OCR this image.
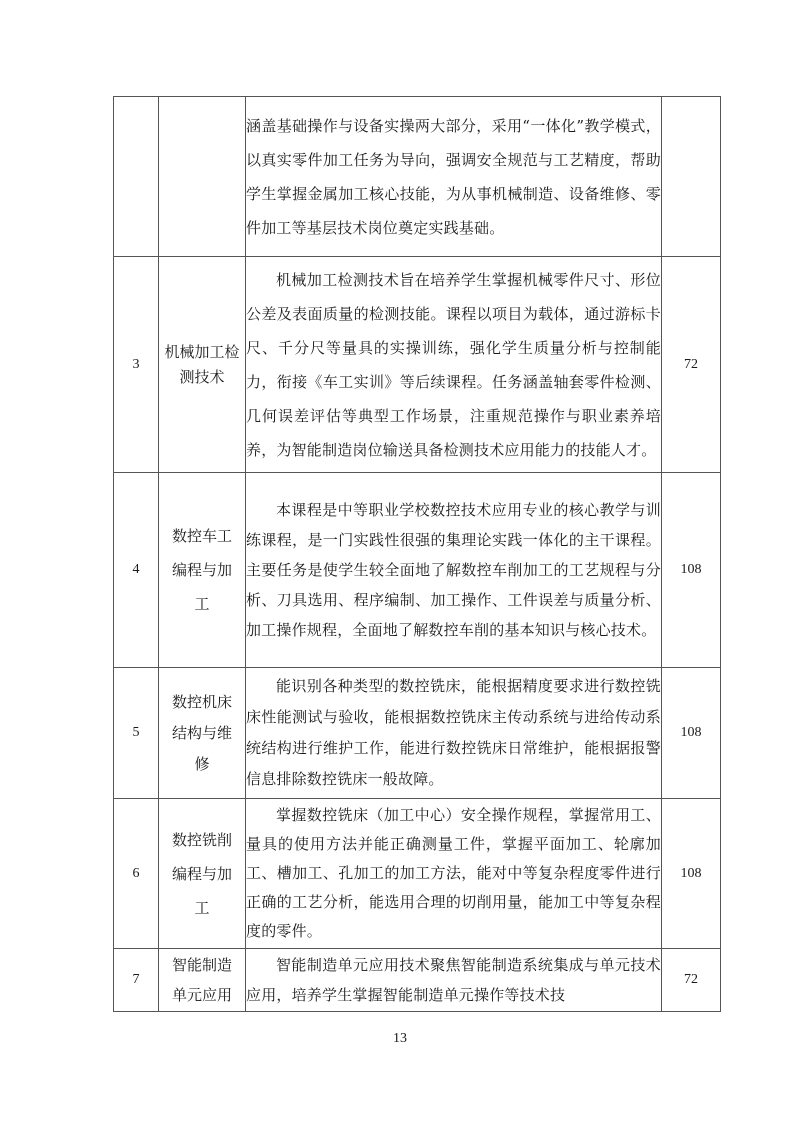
		涵盖基础操作与设备实操两大部分，采用“一体化”教学模式，以真实零件加工任务为导向，强调安全规范与工艺精度，帮助学生掌握金属加工核心技能，为从事机械制造、设备维修、零件加工等基层技术岗位奠定实践基础。	

3	机械加工检测技术	机械加工检测技术旨在培养学生掌握机械零件尺寸、形位公差及表面质量的检测技能。课程以项目为载体，通过游标卡尺、千分尺等量具的实操训练，强化学生质量分析与控制能力，衔接《车工实训》等后续课程。任务涵盖轴套零件检测、几何误差评估等典型工作场景，注重规范操作与职业素养培养，为智能制造岗位输送具备检测技术应用能力的技能人才。	72
4	数控车工编程与加工	本课程是中等职业学校数控技术应用专业的核心教学与训练课程，是一门实践性很强的集理论实践一体化的主干课程。主要任务是使学生较全面地了解数控车削加工的工艺规程与分析、刀具选用、程序编制、加工操作、工件误差与质量分析、加工操作规程，全面地了解数控车削的基本知识与核心技术。	108
5	数控机床结构与维修	能识别各种类型的数控铣床，能根据精度要求进行数控铣床性能测试与验收，能根据数控铣床主传动系统与进给传动系统结构进行维护工作，能进行数控铣床日常维护，能根据报警信息排除数控铣床一般故障。	108
6	数控铣削编程与加工	掌握数控铣床（加工中心）安全操作规程，掌握常用工、量具的使用方法并能正确测量工件，掌握平面加工、轮廓加工、槽加工、孔加工的加工方法，能对中等复杂程度零件进行正确的工艺分析，能选用合理的切削用量，能加工中等复杂程度的零件。	108
7	智能制造单元应用	智能制造单元应用技术聚焦智能制造系统集成与单元技术应用，培养学生掌握智能制造单元操作等技术技	72
13
